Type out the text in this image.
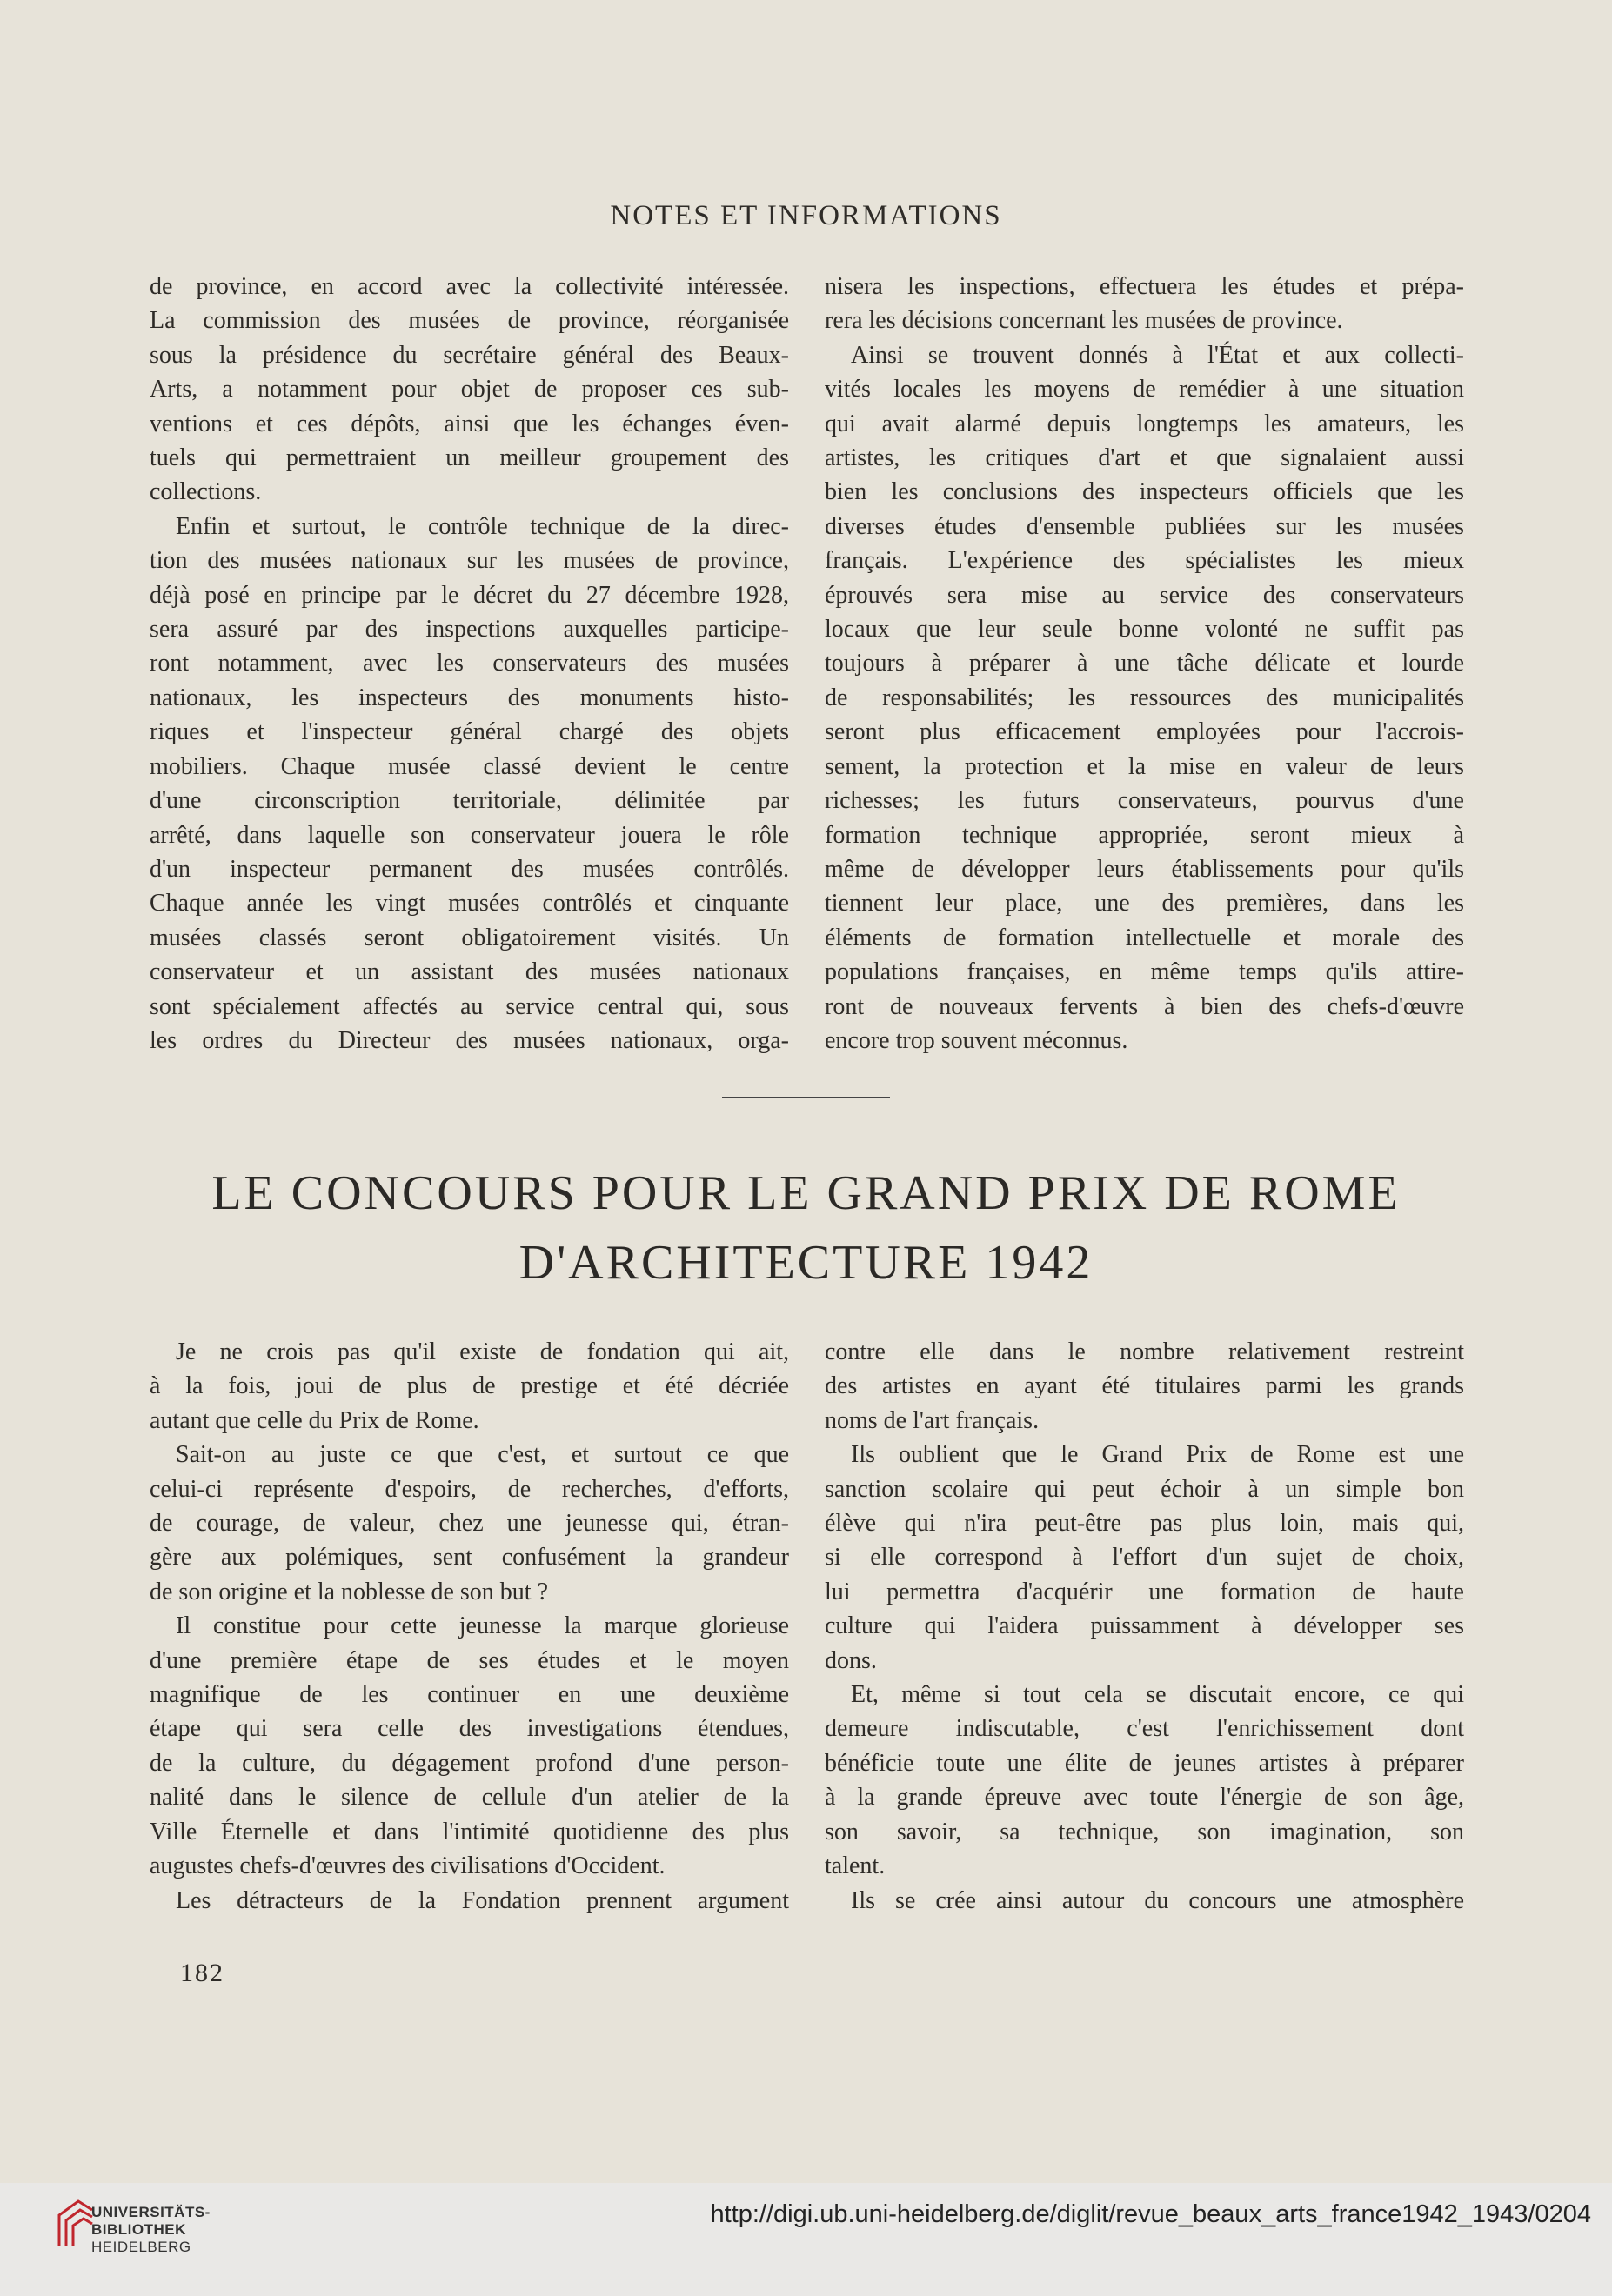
NOTES ET INFORMATIONS
de province, en accord avec la collectivité intéressée.
La commission des musées de province, réorganisée
sous la présidence du secrétaire général des Beaux-
Arts, a notamment pour objet de proposer ces sub-
ventions et ces dépôts, ainsi que les échanges éven-
tuels qui permettraient un meilleur groupement des
collections.
Enfin et surtout, le contrôle technique de la direc-
tion des musées nationaux sur les musées de province,
déjà posé en principe par le décret du 27 décembre 1928,
sera assuré par des inspections auxquelles participe-
ront notamment, avec les conservateurs des musées
nationaux, les inspecteurs des monuments histo-
riques et l'inspecteur général chargé des objets
mobiliers. Chaque musée classé devient le centre
d'une circonscription territoriale, délimitée par
arrêté, dans laquelle son conservateur jouera le rôle
d'un inspecteur permanent des musées contrôlés.
Chaque année les vingt musées contrôlés et cinquante
musées classés seront obligatoirement visités. Un
conservateur et un assistant des musées nationaux
sont spécialement affectés au service central qui, sous
les ordres du Directeur des musées nationaux, orga-
nisera les inspections, effectuera les études et prépa-
rera les décisions concernant les musées de province.
Ainsi se trouvent donnés à l'État et aux collecti-
vités locales les moyens de remédier à une situation
qui avait alarmé depuis longtemps les amateurs, les
artistes, les critiques d'art et que signalaient aussi
bien les conclusions des inspecteurs officiels que les
diverses études d'ensemble publiées sur les musées
français. L'expérience des spécialistes les mieux
éprouvés sera mise au service des conservateurs
locaux que leur seule bonne volonté ne suffit pas
toujours à préparer à une tâche délicate et lourde
de responsabilités; les ressources des municipalités
seront plus efficacement employées pour l'accrois-
sement, la protection et la mise en valeur de leurs
richesses; les futurs conservateurs, pourvus d'une
formation technique appropriée, seront mieux à
même de développer leurs établissements pour qu'ils
tiennent leur place, une des premières, dans les
éléments de formation intellectuelle et morale des
populations françaises, en même temps qu'ils attire-
ront de nouveaux fervents à bien des chefs-d'œuvre
encore trop souvent méconnus.
LE CONCOURS POUR LE GRAND PRIX DE ROME
D'ARCHITECTURE 1942
Je ne crois pas qu'il existe de fondation qui ait,
à la fois, joui de plus de prestige et été décriée
autant que celle du Prix de Rome.
Sait-on au juste ce que c'est, et surtout ce que
celui-ci représente d'espoirs, de recherches, d'efforts,
de courage, de valeur, chez une jeunesse qui, étran-
gère aux polémiques, sent confusément la grandeur
de son origine et la noblesse de son but ?
Il constitue pour cette jeunesse la marque glorieuse
d'une première étape de ses études et le moyen
magnifique de les continuer en une deuxième
étape qui sera celle des investigations étendues,
de la culture, du dégagement profond d'une person-
nalité dans le silence de cellule d'un atelier de la
Ville Éternelle et dans l'intimité quotidienne des plus
augustes chefs-d'œuvres des civilisations d'Occident.
Les détracteurs de la Fondation prennent argument
contre elle dans le nombre relativement restreint
des artistes en ayant été titulaires parmi les grands
noms de l'art français.
Ils oublient que le Grand Prix de Rome est une
sanction scolaire qui peut échoir à un simple bon
élève qui n'ira peut-être pas plus loin, mais qui,
si elle correspond à l'effort d'un sujet de choix,
lui permettra d'acquérir une formation de haute
culture qui l'aidera puissamment à développer ses
dons.
Et, même si tout cela se discutait encore, ce qui
demeure indiscutable, c'est l'enrichissement dont
bénéficie toute une élite de jeunes artistes à préparer
à la grande épreuve avec toute l'énergie de son âge,
son savoir, sa technique, son imagination, son
talent.
Ils se crée ainsi autour du concours une atmosphère
182
UNIVERSITÄTS-
BIBLIOTHEK
HEIDELBERG
http://digi.ub.uni-heidelberg.de/diglit/revue_beaux_arts_france1942_1943/0204
